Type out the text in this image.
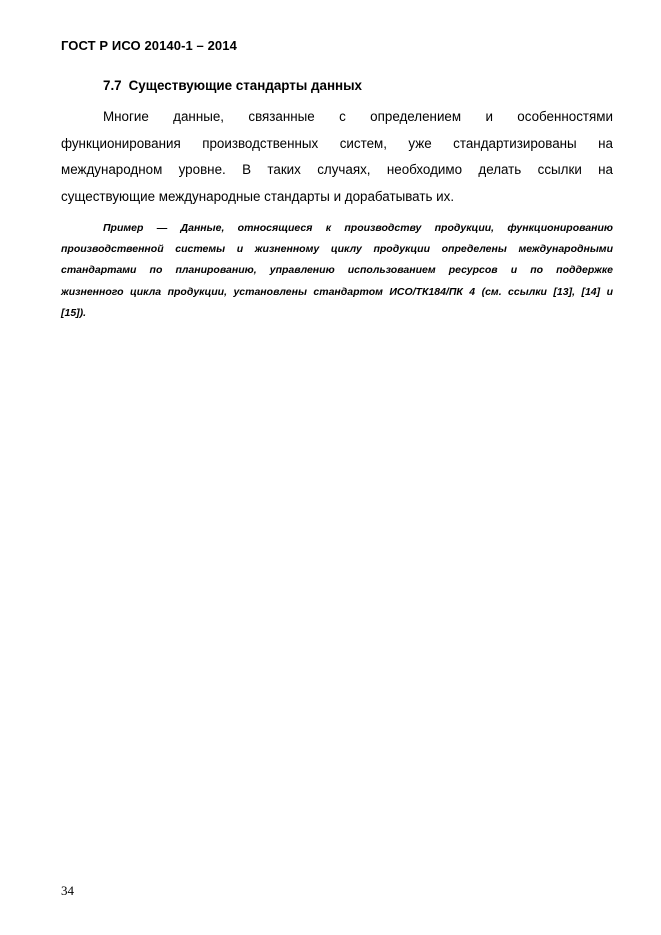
ГОСТ Р ИСО 20140-1 – 2014
7.7 Существующие стандарты данных
Многие данные, связанные с определением и особенностями
функционирования производственных систем, уже стандартизированы на
международном уровне. В таких случаях, необходимо делать ссылки на
существующие международные стандарты и дорабатывать их.
Пример — Данные, относящиеся к производству продукции, функционированию
производственной системы и жизненному циклу продукции определены международными
стандартами по планированию, управлению использованием ресурсов и по поддержке
жизненного цикла продукции, установлены стандартом ИСО/ТК184/ПК 4 (см. ссылки [13], [14] и
[15]).
34
